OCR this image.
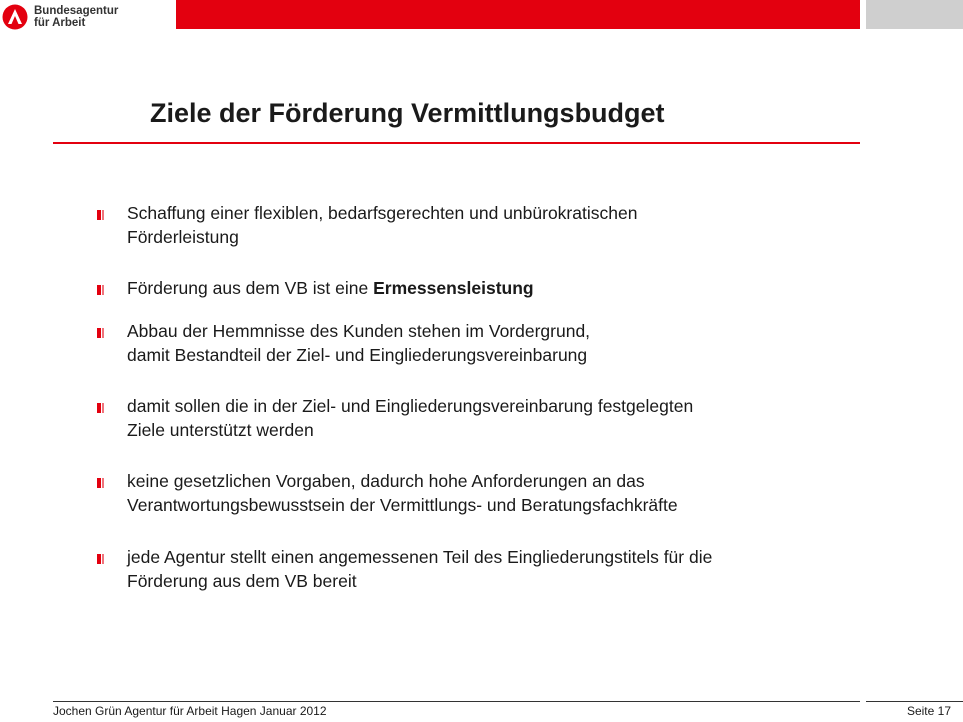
Bundesagentur
für Arbeit
Ziele der Förderung Vermittlungsbudget
Schaffung einer flexiblen, bedarfsgerechten und unbürokratischen
Förderleistung
Förderung aus dem VB ist eine Ermessensleistung
Abbau der Hemmnisse des Kunden stehen im Vordergrund,
damit Bestandteil der Ziel- und Eingliederungsvereinbarung
damit sollen die in der Ziel- und Eingliederungsvereinbarung festgelegten
Ziele unterstützt werden
keine gesetzlichen Vorgaben, dadurch hohe Anforderungen an das
Verantwortungsbewusstsein der Vermittlungs- und Beratungsfachkräfte
jede Agentur stellt einen angemessenen Teil des Eingliederungstitels für die
Förderung aus dem VB bereit
Jochen Grün Agentur für Arbeit Hagen Januar 2012	Seite 17
